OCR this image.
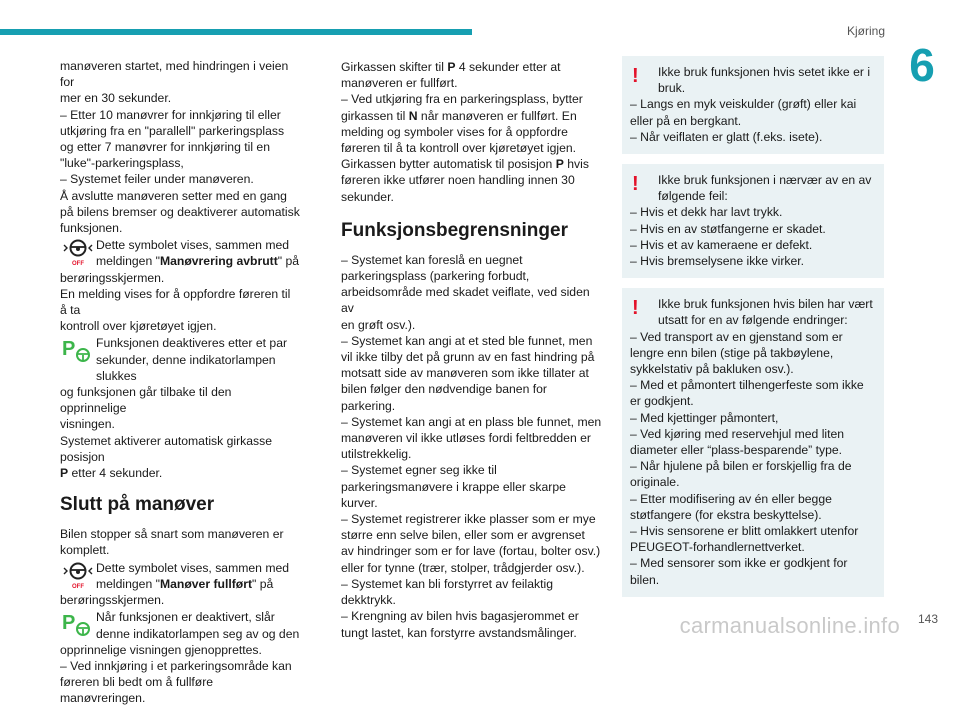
Kjøring
6

manøveren startet, med hindringen i veien for

mer en 30 sekunder.

– Etter 10 manøvrer for innkjøring til eller

utkjøring fra en "parallell" parkeringsplass

og etter 7 manøvrer for innkjøring til en

"luke"-parkeringsplass,

– Systemet feiler under manøveren.

Å avslutte manøveren setter med en gang

på bilens bremser og deaktiverer automatisk

funksjonen.

OFF
Dette symbolet vises, sammen med meldingen "Manøvrering avbrutt" på

berøringsskjermen.

En melding vises for å oppfordre føreren til å ta

kontroll over kjøretøyet igjen.

P Funksjonen deaktiveres etter et par sekunder, denne indikatorlampen slukkes

og funksjonen går tilbake til den opprinnelige

visningen.

Systemet aktiverer automatisk girkasse posisjon

P etter 4 sekunder.

Slutt på manøver

Bilen stopper så snart som manøveren er

komplett.

OFF
Dette symbolet vises, sammen med meldingen "Manøver fullført" på

berøringsskjermen.

P Når funksjonen er deaktivert, slår denne indikatorlampen seg av og den

opprinnelige visningen gjenopprettes.

– Ved innkjøring i et parkeringsområde kan

føreren bli bedt om å fullføre manøvreringen.

Girkassen skifter til P 4 sekunder etter at

manøveren er fullført.

– Ved utkjøring fra en parkeringsplass, bytter

girkassen til N når manøveren er fullført. En

melding og symboler vises for å oppfordre

føreren til å ta kontroll over kjøretøyet igjen.

Girkassen bytter automatisk til posisjon P hvis

føreren ikke utfører noen handling innen 30

sekunder.

Funksjonsbegrensninger

– Systemet kan foreslå en uegnet

parkeringsplass (parkering forbudt,

arbeidsområde med skadet veiflate, ved siden av

en grøft osv.).

– Systemet kan angi at et sted ble funnet, men

vil ikke tilby det på grunn av en fast hindring på

motsatt side av manøveren som ikke tillater at

bilen følger den nødvendige banen for parkering.

– Systemet kan angi at en plass ble funnet, men

manøveren vil ikke utløses fordi feltbredden er

utilstrekkelig.

– Systemet egner seg ikke til

parkeringsmanøvere i krappe eller skarpe kurver.

– Systemet registrerer ikke plasser som er mye

større enn selve bilen, eller som er avgrenset

av hindringer som er for lave (fortau, bolter osv.)

eller for tynne (trær, stolper, trådgjerder osv.).

– Systemet kan bli forstyrret av feilaktig

dekktrykk.

– Krengning av bilen hvis bagasjerommet er

tungt lastet, kan forstyrre avstandsmålinger.

!	Ikke bruk funksjonen hvis setet ikke er i bruk.

– Langs en myk veiskulder (grøft) eller kai

eller på en bergkant.

– Når veiflaten er glatt (f.eks. isete).

!	Ikke bruk funksjonen i nærvær av en av følgende feil:

– Hvis et dekk har lavt trykk.

– Hvis en av støtfangerne er skadet.

– Hvis et av kameraene er defekt.

– Hvis bremselysene ikke virker.

!	Ikke bruk funksjonen hvis bilen har vært utsatt for en av følgende endringer:

– Ved transport av en gjenstand som er

lengre enn bilen (stige på takbøylene,

sykkelstativ på bakluken osv.).

– Med et påmontert tilhengerfeste som ikke

er godkjent.

– Med kjettinger påmontert,

– Ved kjøring med reservehjul med liten

diameter eller “plass-besparende” type.

– Når hjulene på bilen er forskjellig fra de

originale.

– Etter modifisering av én eller begge

støtfangere (for ekstra beskyttelse).

– Hvis sensorene er blitt omlakkert utenfor

PEUGEOT-forhandlernettverket.

– Med sensorer som ikke er godkjent for

bilen.

carmanualsonline.info 143
